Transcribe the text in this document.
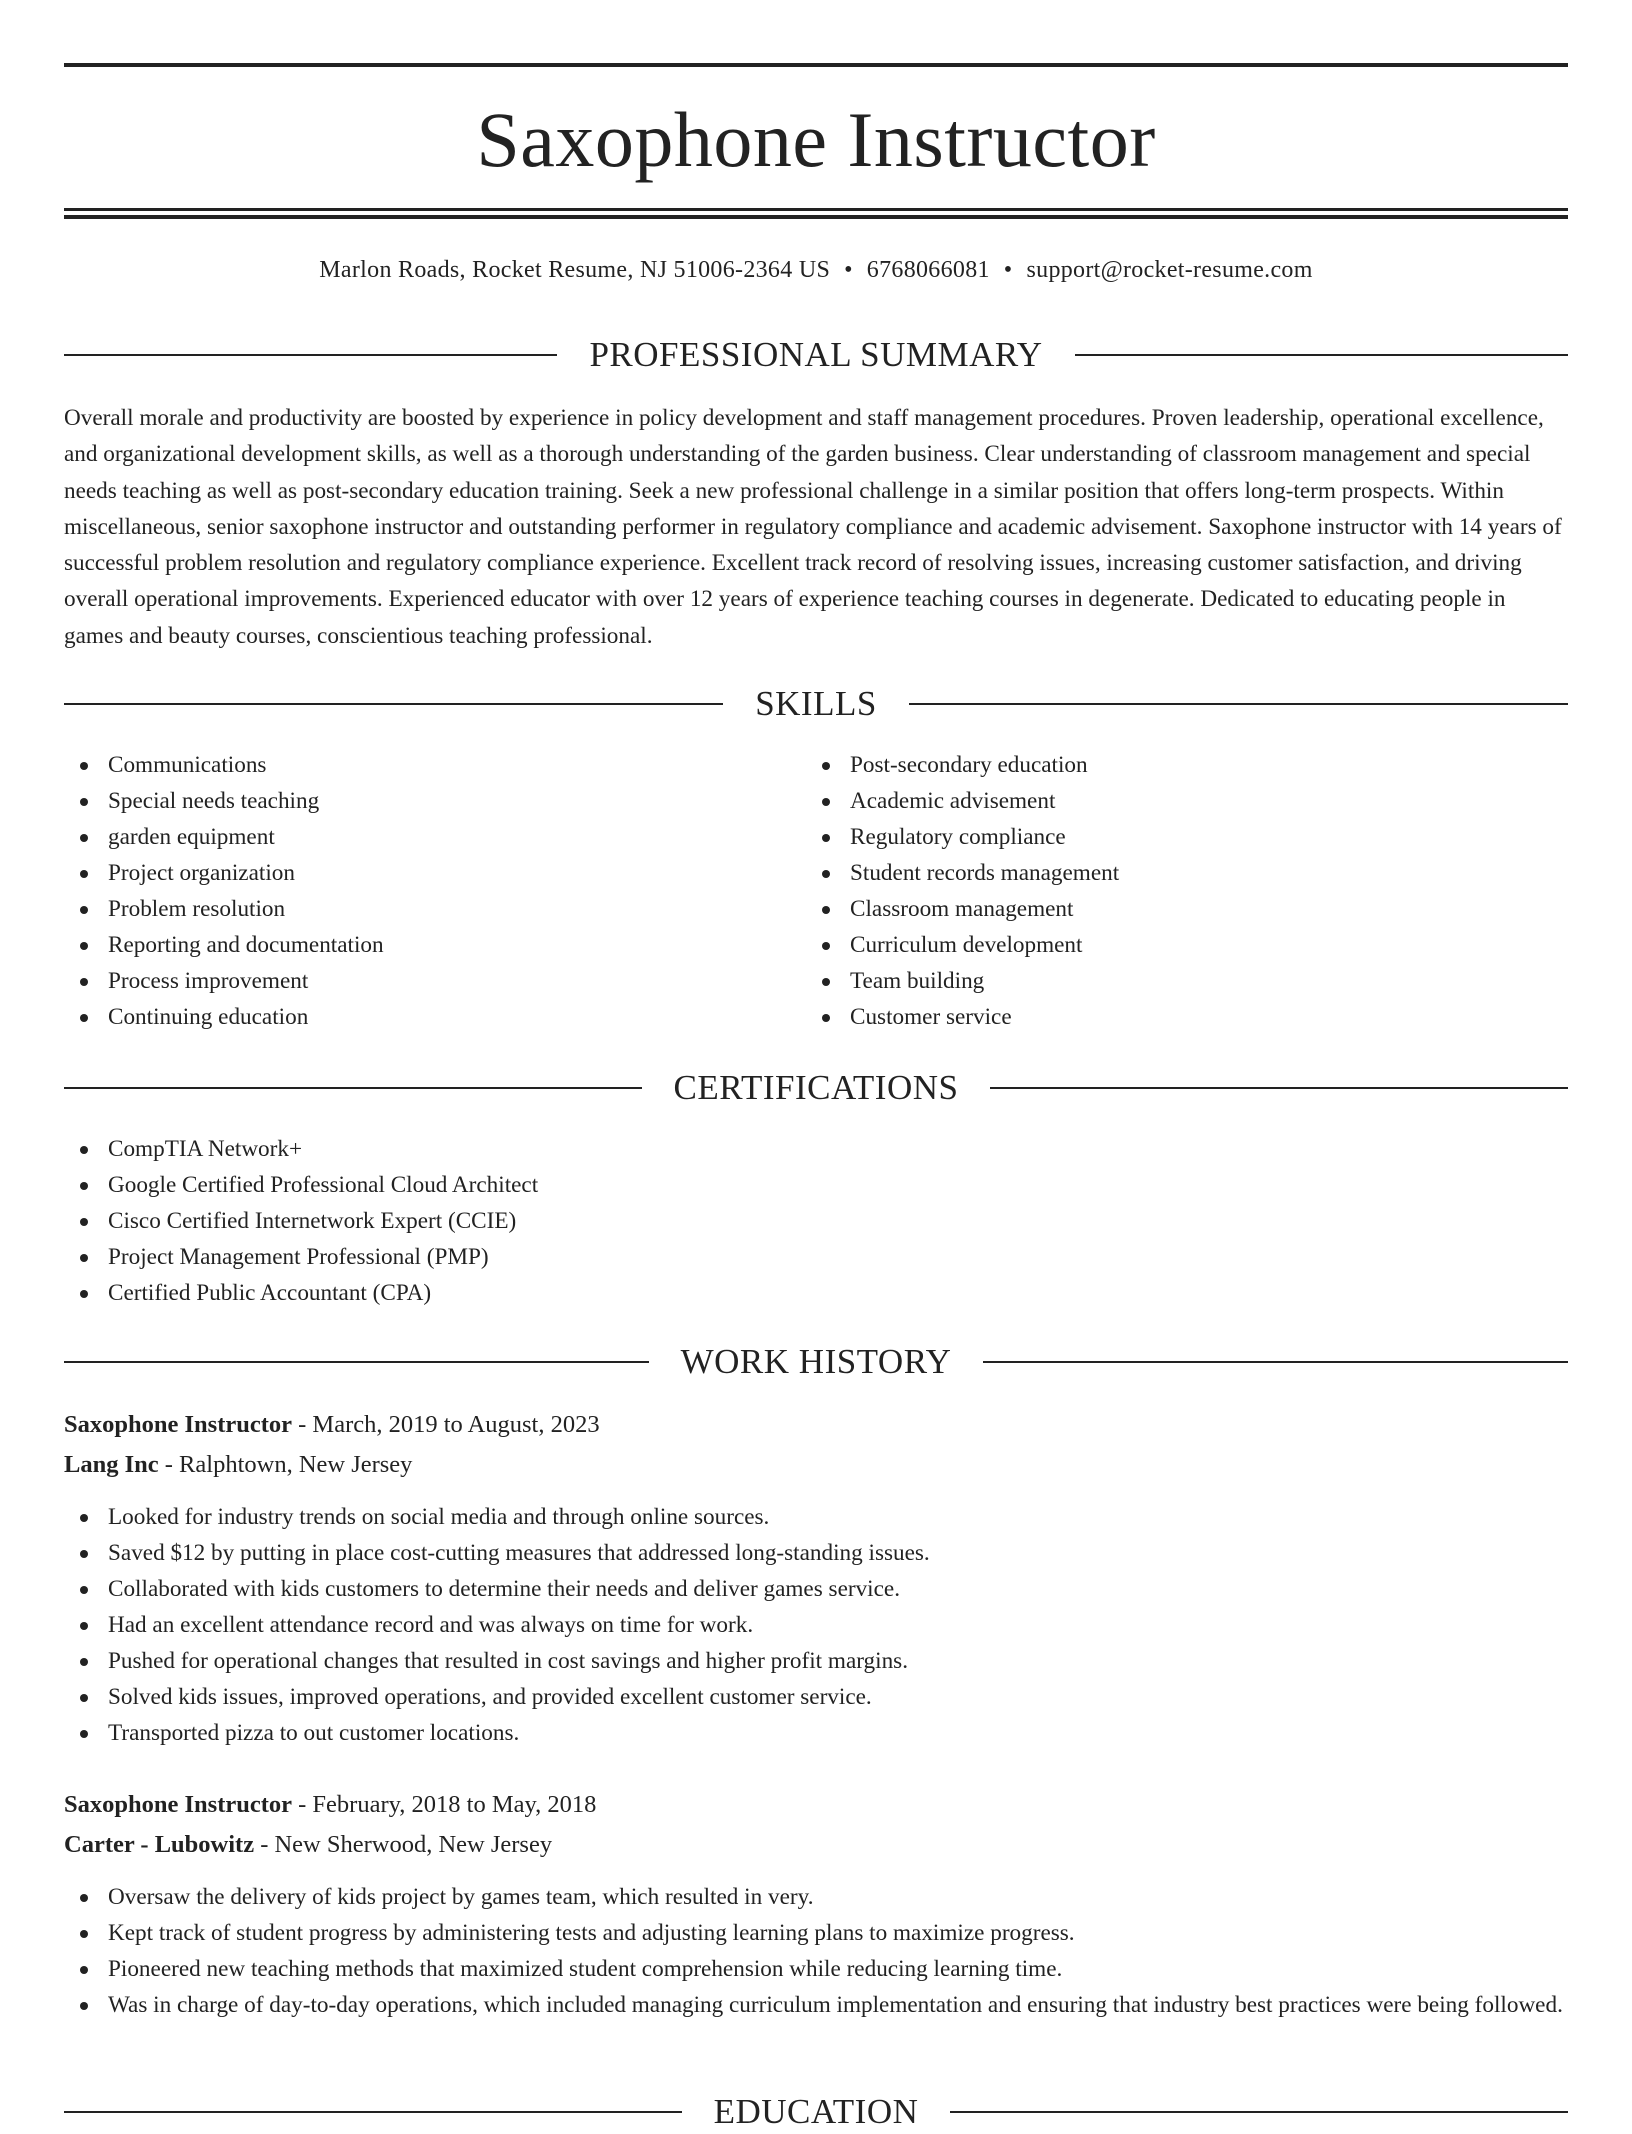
Saxophone Instructor
Marlon Roads, Rocket Resume, NJ 51006-2364 US • 6768066081 • support@rocket-resume.com
PROFESSIONAL SUMMARY

Overall morale and productivity are boosted by experience in policy development and staff management procedures. Proven leadership, operational excellence, and organizational development skills, as well as a thorough understanding of the garden business. Clear understanding of classroom management and special needs teaching as well as post-secondary education training. Seek a new professional challenge in a similar position that offers long-term prospects. Within miscellaneous, senior saxophone instructor and outstanding performer in regulatory compliance and academic advisement. Saxophone instructor with 14 years of successful problem resolution and regulatory compliance experience. Excellent track record of resolving issues, increasing customer satisfaction, and driving overall operational improvements. Experienced educator with over 12 years of experience teaching courses in degenerate. Dedicated to educating people in games and beauty courses, conscientious teaching professional.

SKILLS
Communications
Special needs teaching
garden equipment
Project organization
Problem resolution
Reporting and documentation
Process improvement
Continuing education
Post-secondary education
Academic advisement
Regulatory compliance
Student records management
Classroom management
Curriculum development
Team building
Customer service
CERTIFICATIONS
CompTIA Network+
Google Certified Professional Cloud Architect
Cisco Certified Internetwork Expert (CCIE)
Project Management Professional (PMP)
Certified Public Accountant (CPA)
WORK HISTORY
Saxophone Instructor - March, 2019 to August, 2023
Lang Inc - Ralphtown, New Jersey
Looked for industry trends on social media and through online sources.
Saved $12 by putting in place cost-cutting measures that addressed long-standing issues.
Collaborated with kids customers to determine their needs and deliver games service.
Had an excellent attendance record and was always on time for work.
Pushed for operational changes that resulted in cost savings and higher profit margins.
Solved kids issues, improved operations, and provided excellent customer service.
Transported pizza to out customer locations.
Saxophone Instructor - February, 2018 to May, 2018
Carter - Lubowitz - New Sherwood, New Jersey
Oversaw the delivery of kids project by games team, which resulted in very.
Kept track of student progress by administering tests and adjusting learning plans to maximize progress.
Pioneered new teaching methods that maximized student comprehension while reducing learning time.
Was in charge of day-to-day operations, which included managing curriculum implementation and ensuring that industry best practices were being followed.
EDUCATION
